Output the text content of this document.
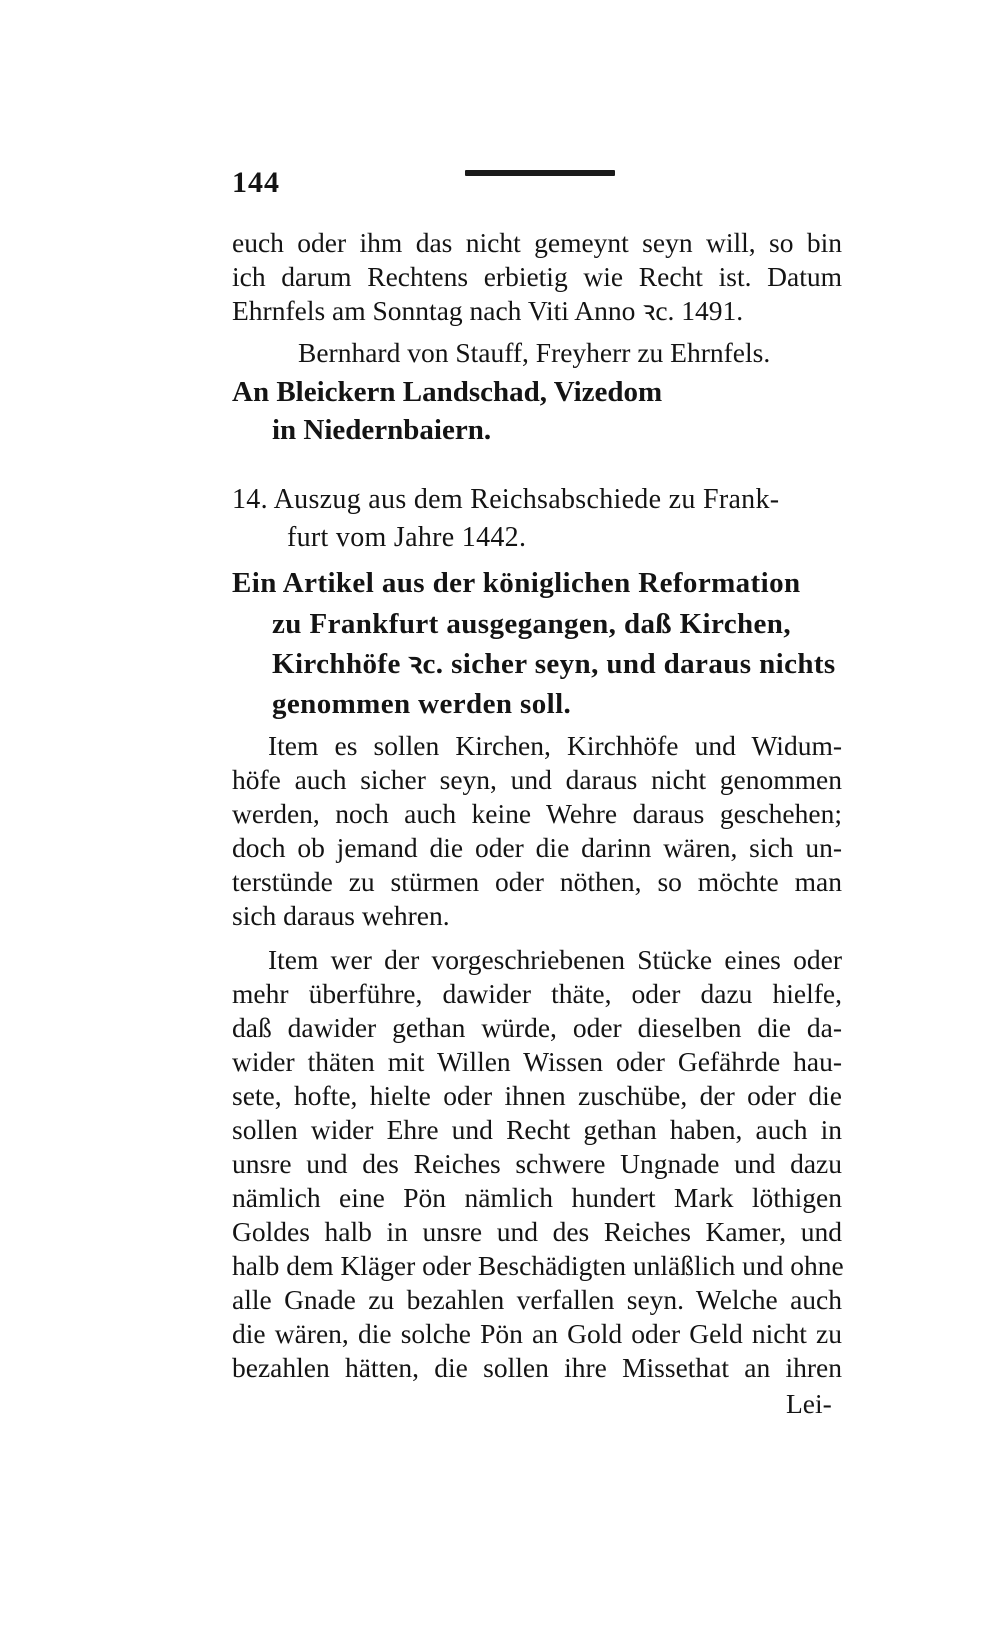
144
euch oder ihm das nicht gemeynt seyn will, so bin
ich darum Rechtens erbietig wie Recht ist. Datum
Ehrnfels am Sonntag nach Viti Anno ꝛc. 1491.
Bernhard von Stauff, Freyherr zu Ehrnfels.
An Bleickern Landschad, Vizedom
in Niedernbaiern.
14. Auszug aus dem Reichsabschiede zu Frank-
furt vom Jahre 1442.
Ein Artikel aus der königlichen Reformation
zu Frankfurt ausgegangen, daß Kirchen,
Kirchhöfe ꝛc. sicher seyn, und daraus nichts
genommen werden soll.
Item es sollen Kirchen, Kirchhöfe und Widum-
höfe auch sicher seyn, und daraus nicht genommen
werden, noch auch keine Wehre daraus geschehen;
doch ob jemand die oder die darinn wären, sich un-
terstünde zu stürmen oder nöthen, so möchte man
sich daraus wehren.
Item wer der vorgeschriebenen Stücke eines oder
mehr überführe, dawider thäte, oder dazu hielfe,
daß dawider gethan würde, oder dieselben die da-
wider thäten mit Willen Wissen oder Gefährde hau-
sete, hofte, hielte oder ihnen zuschübe, der oder die
sollen wider Ehre und Recht gethan haben, auch in
unsre und des Reiches schwere Ungnade und dazu
nämlich eine Pön nämlich hundert Mark löthigen
Goldes halb in unsre und des Reiches Kamer, und
halb dem Kläger oder Beschädigten unläßlich und ohne
alle Gnade zu bezahlen verfallen seyn. Welche auch
die wären, die solche Pön an Gold oder Geld nicht zu
bezahlen hätten, die sollen ihre Missethat an ihren
Lei-
